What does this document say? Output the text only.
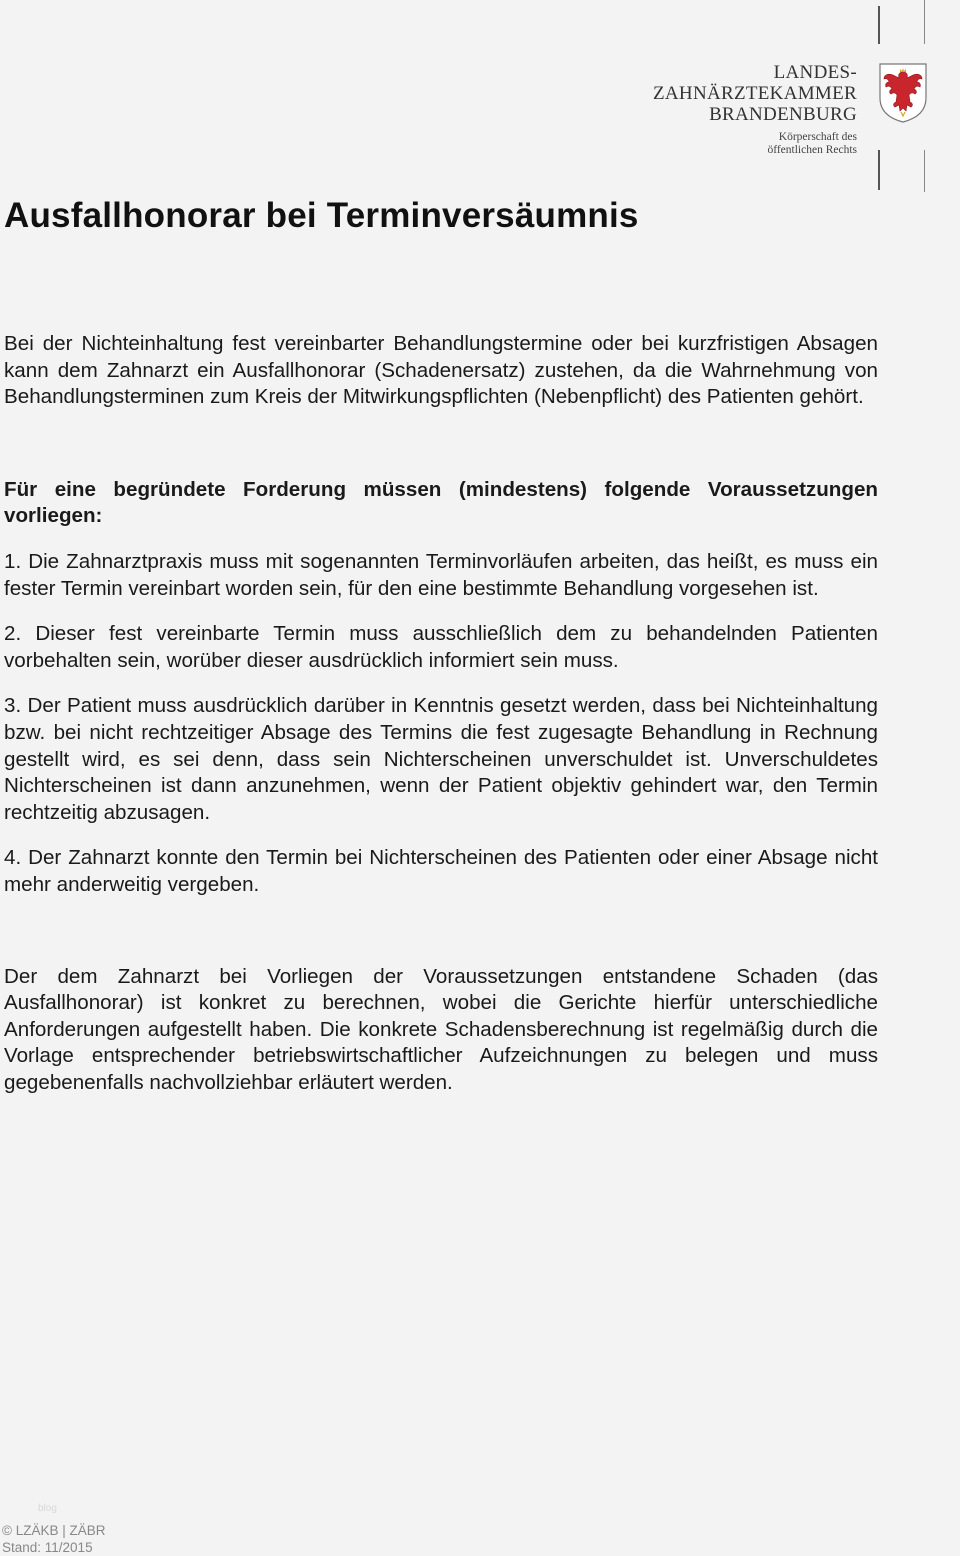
LANDES-
ZAHNÄRZTEKAMMER
BRANDENBURG
Körperschaft des
öffentlichen Rechts
Ausfallhonorar bei Terminversäumnis

Bei der Nichteinhaltung fest vereinbarter Behandlungstermine oder bei kurzfristigen Absagen kann dem Zahnarzt ein Ausfallhonorar (Schadenersatz) zustehen, da die Wahrnehmung von Behandlungsterminen zum Kreis der Mitwirkungspflichten (Nebenpflicht) des Patienten gehört.

Für eine begründete Forderung müssen (mindestens) folgende Voraussetzungen vorliegen:

1. Die Zahnarztpraxis muss mit sogenannten Terminvorläufen arbeiten, das heißt, es muss ein fester Termin vereinbart worden sein, für den eine bestimmte Behandlung vorgesehen ist.

2. Dieser fest vereinbarte Termin muss ausschließlich dem zu behandelnden Patienten vorbehalten sein, worüber dieser ausdrücklich informiert sein muss.

3. Der Patient muss ausdrücklich darüber in Kenntnis gesetzt werden, dass bei Nichteinhaltung bzw. bei nicht rechtzeitiger Absage des Termins die fest zugesagte Behandlung in Rechnung gestellt wird, es sei denn, dass sein Nichterscheinen unverschuldet ist. Unverschuldetes Nichterscheinen ist dann anzunehmen, wenn der Patient objektiv gehindert war, den Termin rechtzeitig abzusagen.

4. Der Zahnarzt konnte den Termin bei Nichterscheinen des Patienten oder einer Absage nicht mehr anderweitig vergeben.

Der dem Zahnarzt bei Vorliegen der Voraussetzungen entstandene Schaden (das Ausfallhonorar) ist konkret zu berechnen, wobei die Gerichte hierfür unterschiedliche Anforderungen aufgestellt haben. Die konkrete Schadensberechnung ist regelmäßig durch die Vorlage entsprechender betriebswirtschaftlicher Aufzeichnungen zu belegen und muss gegebenenfalls nachvollziehbar erläutert werden.

blog
© LZÄKB | ZÄBR
Stand: 11/2015
